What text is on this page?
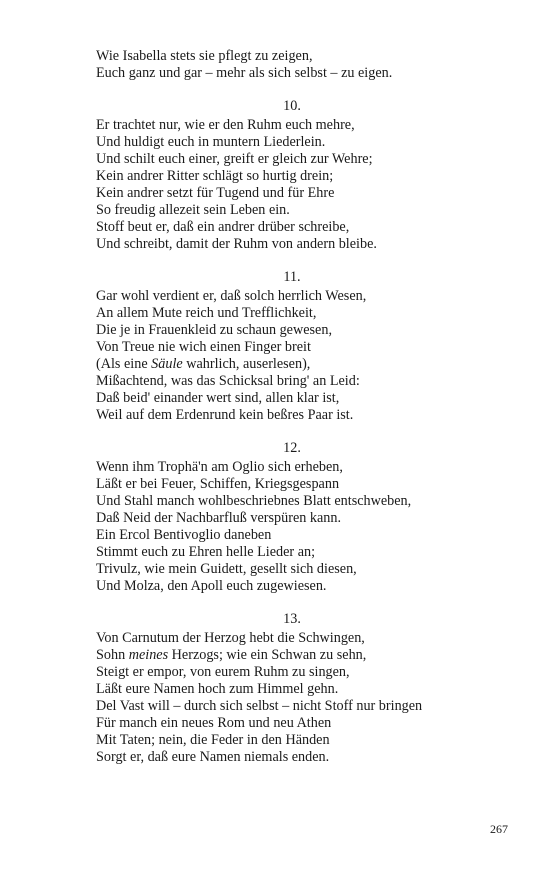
Wie Isabella stets sie pflegt zu zeigen,
Euch ganz und gar – mehr als sich selbst – zu eigen.
10.
Er trachtet nur, wie er den Ruhm euch mehre,
Und huldigt euch in muntern Liederlein.
Und schilt euch einer, greift er gleich zur Wehre;
Kein andrer Ritter schlägt so hurtig drein;
Kein andrer setzt für Tugend und für Ehre
So freudig allezeit sein Leben ein.
Stoff beut er, daß ein andrer drüber schreibe,
Und schreibt, damit der Ruhm von andern bleibe.
11.
Gar wohl verdient er, daß solch herrlich Wesen,
An allem Mute reich und Trefflichkeit,
Die je in Frauenkleid zu schaun gewesen,
Von Treue nie wich einen Finger breit
(Als eine Säule wahrlich, auserlesen),
Mißachtend, was das Schicksal bring' an Leid:
Daß beid' einander wert sind, allen klar ist,
Weil auf dem Erdenrund kein beßres Paar ist.
12.
Wenn ihm Trophä'n am Oglio sich erheben,
Läßt er bei Feuer, Schiffen, Kriegsgespann
Und Stahl manch wohlbeschriebnes Blatt entschweben,
Daß Neid der Nachbarfluß verspüren kann.
Ein Ercol Bentivoglio daneben
Stimmt euch zu Ehren helle Lieder an;
Trivulz, wie mein Guidett, gesellt sich diesen,
Und Molza, den Apoll euch zugewiesen.
13.
Von Carnutum der Herzog hebt die Schwingen,
Sohn meines Herzogs; wie ein Schwan zu sehn,
Steigt er empor, von eurem Ruhm zu singen,
Läßt eure Namen hoch zum Himmel gehn.
Del Vast will – durch sich selbst – nicht Stoff nur bringen
Für manch ein neues Rom und neu Athen
Mit Taten; nein, die Feder in den Händen
Sorgt er, daß eure Namen niemals enden.
267
